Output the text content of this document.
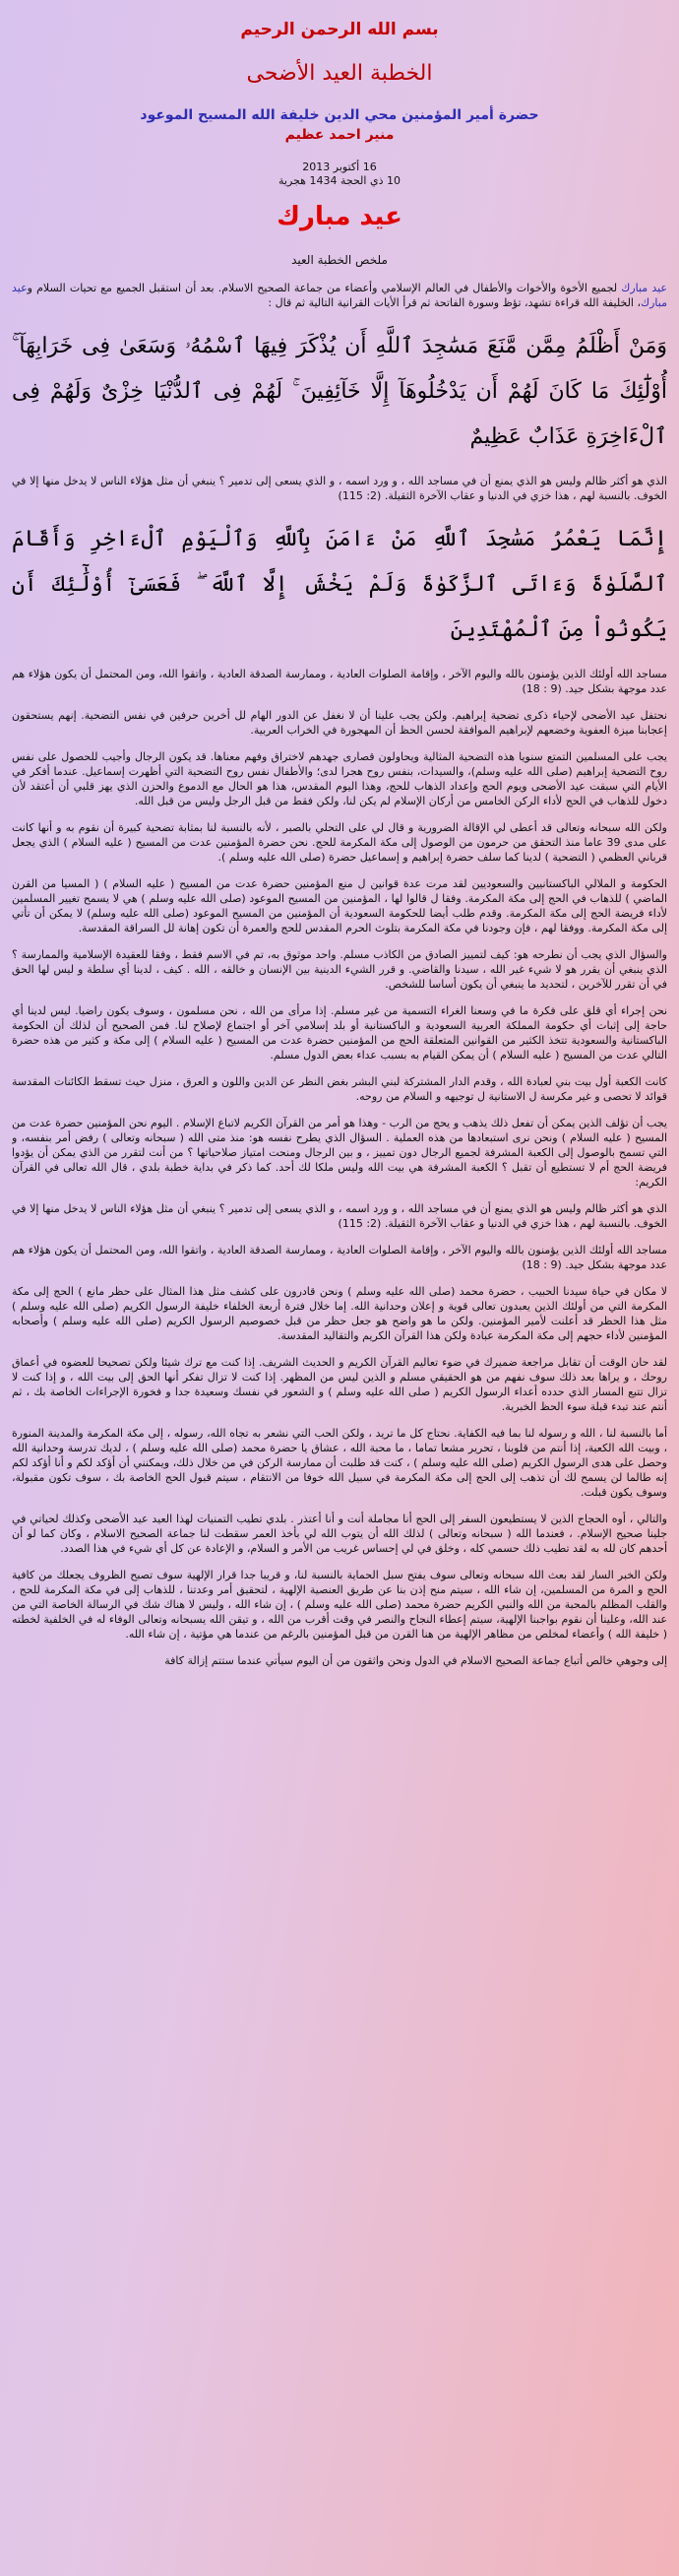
بسم الله الرحمن الرحيم
الخطبة العيد الأضحى
حضرة أمير المؤمنين محي الدين خليفة الله المسيح الموعود
منير احمد عظيم
16 أكتوبر 2013
10 ذي الحجة 1434 هجرية
عيد مبارك
ملخص الخطبة العيد

عيد مبارك لجميع الأخوة والأخوات والأطفال في العالم الإسلامي وأعضاء من جماعة الصحيح الاسلام. بعد أن استقبل الجميع مع تحيات السلام وعيد مبارك، الخليفة الله قراءة تشهد، تؤظ وسورة الفاتحة ثم قرأ الأيات القرانية التالية ثم قال :

وَمَنْ أَظْلَمُ مِمَّن مَّنَعَ مَسَٰجِدَ ٱللَّهِ أَن يُذْكَرَ فِيهَا ٱسْمُهُۥ وَسَعَىٰ فِى خَرَابِهَآ ۚ أُوْلَٰٓئِكَ مَا كَانَ لَهُمْ أَن يَدْخُلُوهَآ إِلَّا خَآئِفِينَ ۚ لَهُمْ فِى ٱلدُّنْيَا خِزْىٌ وَلَهُمْ فِى ٱلْءَاخِرَةِ عَذَابٌ عَظِيمٌ

الذي هو أكثر ظالم وليس هو الذي يمنع أن في مساجد الله ، و ورد اسمه ، و الذي يسعى إلى تدمير ؟ ينبغي أن مثل هؤلاء الناس لا يدخل منها إلا في الخوف. بالنسبة لهم ، هذا خزي في الدنيا و عقاب الآخرة الثقيلة. (2: 115)

إِنَّمَا يَعْمُرُ مَسَٰجِدَ ٱللَّهِ مَنْ ءَامَنَ بِٱللَّهِ وَٱلْيَوْمِ ٱلْءَاخِرِ وَأَقَامَ ٱلصَّلَوٰةَ وَءَاتَى ٱلزَّكَوٰةَ وَلَمْ يَخْشَ إِلَّا ٱللَّهَ ۖ فَعَسَىٰٓ أُوْلَٰٓئِكَ أَن يَكُونُواْ مِنَ ٱلْمُهْتَدِينَ

مساجد الله أولئك الذين يؤمنون بالله واليوم الآخر ، وإقامة الصلوات العادية ، وممارسة الصدقة العادية ، واتقوا الله، ومن المحتمل أن يكون هؤلاء هم عدد موجهة بشكل جيد. (9 : 18)

نحتفل عيد الأضحى لإحياء ذكرى تضحية إبراهيم. ولكن يجب علينا أن لا نغفل عن الدور الهام لل أخرين حرفين في نفس التضحية. إنهم يستحقون إعجابنا ميزة العفوية وخضعهم لإبراهيم الموافقة لحسن الحظ أن المهجورة في الخراب العربية.

يجب على المسلمين التمتع سنويا هذه التضحية المثالية ويحاولون قصارى جهدهم لاختراق وفهم معناها. قد يكون الرجال وأجيب للحصول على نفس روح التضحية إبراهيم (صلى الله عليه وسلم)، والسيدات، بنفس روح هجرا لدى؛ والأطفال نفس روح التضحية التي أظهرت إسماعيل. عندما أفكر في الأيام التي سبقت عيد الأضحى ويوم الحج وإعداد الذهاب للحج، وهذا اليوم المقدس، هذا هو الحال مع الدموع والحزن الذي يهز قلبي أن أعتقد لأن دخول للذهاب في الحج لأداء الركن الخامس من أركان الإسلام لم يكن لنا، ولكن فقط من قبل الرجل وليس من قبل الله.

ولكن الله سبحانه وتعالى قد أعطى لي الإقالة الضرورية و قال لي على التحلي بالصبر ، لأنه بالنسبة لنا بمثابة تضحية كبيرة أن نقوم به و أنها كانت على مدى 39 عاما منذ التحقق من حرمون من الوصول إلى مكة المكرمة للحج. نحن حضرة المؤمنين عدت من المسيح ( عليه السلام ) الذي يجعل قرباني العظمي ( التضحية ) لدينا كما سلف حضرة إبراهيم و إسماعيل حضرة (صلى الله عليه وسلم ).

الحكومة و الملالي الباكستانيين والسعوديين لقد مرت عدة قوانين ل منع المؤمنين حضرة عدت من المسيح ( عليه السلام ) ( المسيا من القرن الماضي ) للذهاب في الحج إلى مكة المكرمة. وفقا ل قالوا لها ، المؤمنين من المسيح الموعود (صلى الله عليه وسلم ) هي لا يسمح تغيير المسلمين لأداء فريضة الحج إلى مكة المكرمة. وقدم طلب أيضا للحكومة السعودية أن المؤمنين من المسيح الموعود (صلى الله عليه وسلم) لا يمكن أن تأتي إلى مكة المكرمة. ووفقا لهم ، فإن وجودنا في مكة المكرمة بتلوث الحرم المقدس للحج والعمرة أن تكون إهانة لل السراقة المقدسة.

والسؤال الذي يجب أن نطرحه هو: كيف لتمييز الصادق من الكاذب مسلم. واحد موثوق به، تم في الاسم فقط ، وفقا للعقيدة الإسلامية والممارسة ؟ الذي ينبغي أن يقرر هو لا شيء غير الله ، سيدنا والقاضي. و قرر الشيء الدينية بين الإنسان و خالقه ، الله . كيف ، لدينا أي سلطة و ليس لها الحق في أن تقرر للآخرين ، لتحديد ما ينبغي أن يكون أساسا للشخص.

نحن إجراء أي قلق على فكرة ما في وسعنا الغراء التسمية من غير مسلم. إذا مرأى من الله ، نحن مسلمون ، وسوف يكون راضيا. ليس لدينا أي حاجة إلى إثبات أي حكومة المملكة العربية السعودية و الباكستانية أو بلد إسلامي آخر أو اجتماع لإصلاح لنا. فمن الصحيح أن لذلك أن الحكومة الباكستانية والسعودية تتخذ الكثير من القوانين المتعلقة الحج من المؤمنين حضرة عدت من المسيح ( عليه السلام ) إلى مكة و كثير من هذه حضرة التالي عدت من المسيح ( عليه السلام ) أن يمكن القيام به بسبب عداء بعض الدول مسلم.

كانت الكعبة أول بيت بني لعبادة الله ، وقدم الدار المشتركة لبني البشر بغض النظر عن الدين واللون و العرق ، منزل حيث تسقط الكائنات المقدسة قوائد لا تحصى و غير مكرسة ل الاستانية ل توجيهه و السلام من روحه.

يجب أن تؤلف الذين يمكن أن تفعل ذلك يذهب و يحج من الرب - وهذا هو أمر من القرآن الكريم لاتباع الإسلام . اليوم نحن المؤمنين حضرة عدت من المسيح ( عليه السلام ) ونحن نرى استبعادها من هذه العملية . السؤال الذي يطرح نفسه هو: منذ متى الله ( سبحانه وتعالى ) رفض أمر بنفسه، و التي تسمح بالوصول إلى الكعبة المشرفة لجميع الرجال دون تمييز ، و بين الرجال ومنحت امتياز صلاحياتها ؟ من أنت لتقرر من الذي يمكن أن يؤدوا فريضة الحج أم لا تستطيع أن تقبل ؟ الكعبة المشرفة هي بيت الله وليس ملكا لك أحد. كما ذكر في بداية خطبة بلدي ، قال الله تعالى في القرآن الكريم:

الذي هو أكثر ظالم وليس هو الذي يمنع أن في مساجد الله ، و ورد اسمه ، و الذي يسعى إلى تدمير ؟ ينبغي أن مثل هؤلاء الناس لا يدخل منها إلا في الخوف. بالنسبة لهم ، هذا خزي في الدنيا و عقاب الآخرة الثقيلة. (2: 115)

مساجد الله أولئك الذين يؤمنون بالله واليوم الآخر ، وإقامة الصلوات العادية ، وممارسة الصدقة العادية ، واتقوا الله، ومن المحتمل أن يكون هؤلاء هم عدد موجهة بشكل جيد. (9 : 18)

لا مكان في حياة سيدنا الحبيب ، حضرة محمد (صلى الله عليه وسلم ) ونحن قادرون على كشف مثل هذا المثال على حظر مانع ) الحج إلى مكة المكرمة التي من أولئك الذين يعبدون تعالى قوية و إعلان وحدانية الله. إما خلال فترة أربعة الخلفاء خليفة الرسول الكريم (صلى الله عليه وسلم ) مثل هذا الحظر قد أعلنت لأمير المؤمنين. ولكن ما هو واضح هو جعل حظر من قبل خصوصيم الرسول الكريم (صلى الله عليه وسلم ) وأصحابه المؤمنين لأداء حجهم إلى مكة المكرمة عبادة ولكن هذا القرآن الكريم والتقاليد المقدسة.

لقد حان الوقت أن تقابل مراجعة ضميرك في ضوء تعاليم القرآن الكريم و الحديث الشريف. إذا كنت مع ترك شيئا ولكن تصحيحا للعضوه في أعماق روحك ، و يراها بعد ذلك سوف نفهم من هو الحقيقي مسلم و الذين ليس من المظهر. إذا كنت لا تزال تفكر أنها الحق إلى بيت الله ، و إذا كنت لا تزال تتبع المسار الذي حدده أعداء الرسول الكريم ( صلى الله عليه وسلم ) و الشعور في نفسك وسعيدة جدا و فخورة الإجراءات الخاصة بك ، ثم أنتم عند تبدء قبلة سوء الحظ الخبرية.

أما بالنسبة لنا ، الله و رسوله لنا بما فيه الكفاية. نحتاج كل ما تريد ، ولكن الحب التي نشعر به تجاه الله، رسوله ، إلى مكة المكرمة والمدينة المنورة ، وبيت الله الكعبة، إذا أنتم من قلوبنا ، تحرير مشعا تماما ، ما محبة الله ، عشاق يا حضرة محمد (صلى الله عليه وسلم ) ، لديك تدرسة وحدانية الله وحصل على هدى الرسول الكريم (صلى الله عليه وسلم ) ، كنت قد طلبت أن ممارسة الركن في من خلال ذلك، ويمكنني أن أؤكد لكم و أنا أؤكد لكم إنه طالما لن يسمح لك أن تذهب إلى الحج إلى مكة المكرمة في سبيل الله خوفا من الانتقام ، سيتم قبول الحج الخاصة بك ، سوف تكون مقبولة، وسوف يكون قبلت.

والتالي ، أوه الحجاج الذين لا يستطيعون السفر إلى الحج أنا مجاملة أنت و أنا أعتذر . بلدي تطيب التمنيات لهذا العيد عيد الأضحى وكذلك لحياتي في جلينا صحيح الإسلام. ، فعندما الله ( سبحانه وتعالى ) لذلك الله أن يتوب الله لي بأخذ العمر سقطت لنا جماعة الصحيح الاسلام ، وكان كما لو أن أحدهم كان لله به لقد تطيب ذلك حسمي كله ، وخلق في لي إحساس غريب من الأمر و السلام، و الإعادة عن كل أي شيء في هذا الصدد.

ولكن الخبر السار لقد بعث الله سبحانه وتعالى سوف يفتح سبل الحماية بالنسبة لنا، و قريبا جدا قرار الإلهية سوف تصبح الظروف يجعلك من كافية الحج و المرة من المسلمين، إن شاء الله ، سيتم منح إذن بنا عن طريق العنصية الإلهية ، لتحقيق أمر وعدتنا ، للذهاب إلى في مكة المكرمة للحج ، والقلب المظلم بالمحبة من الله والنبي الكريم حضرة محمد (صلى الله عليه وسلم ) ، إن شاء الله ، وليس لا هناك شك في الرسالة الخاصة التي من عند الله، وعلينا أن نقوم بواجبنا الإلهية، سيتم إعطاء النجاح والنصر في وقت أقرب من الله ، و تيقن الله يسبحانه وتعالى الوفاء له في الخلفية لخطته ( خليفة الله ) وأعضاء لمخلص من مظاهر الإلهية من هنا القرن من قبل المؤمنين بالرغم من عندما هي مؤتية ، إن شاء الله.

إلى وجوهي خالص أتباع جماعة الصحيح الاسلام في الدول ونحن واثقون من أن اليوم سيأتي عندما ستتم إزالة كافة
